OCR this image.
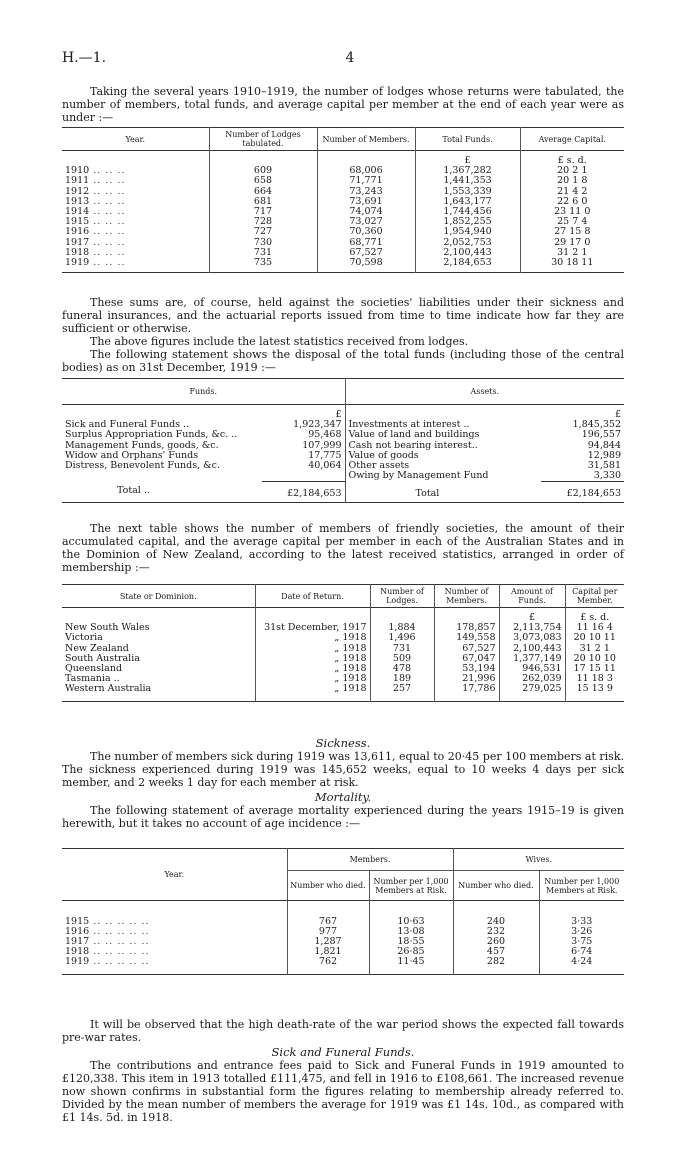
H.—1.	4

Taking the several years 1910–1919, the number of lodges whose returns were tabulated, the number of members, total funds, and average capital per member at the end of each year were as under :—

Year.	Number of Lodges tabulated.	Number of Members.	Total Funds.	Average Capital.
			£	£ s. d.
1910 .. .. ..	609	68,006	1,367,282	20 2 1
1911 .. .. ..	658	71,771	1,441,353	20 1 8
1912 .. .. ..	664	73,243	1,553,339	21 4 2
1913 .. .. ..	681	73,691	1,643,177	22 6 0
1914 .. .. ..	717	74,074	1,744,456	23 11 0
1915 .. .. ..	728	73,027	1,852,255	25 7 4
1916 .. .. ..	727	70,360	1,954,940	27 15 8
1917 .. .. ..	730	68,771	2,052,753	29 17 0
1918 .. .. ..	731	67,527	2,100,443	31 2 1
1919 .. .. ..	735	70,598	2,184,653	30 18 11

These sums are, of course, held against the societies' liabilities under their sickness and funeral insurances, and the actuarial reports issued from time to time indicate how far they are sufficient or otherwise.

The above figures include the latest statistics received from lodges.

The following statement shows the disposal of the total funds (including those of the central bodies) as on 31st December, 1919 :—

Funds.		Assets.	
	£		£
Sick and Funeral Funds ..	1,923,347	Investments at interest ..	1,845,352
Surplus Appropriation Funds, &c. ..	95,468	Value of land and buildings	196,557
Management Funds, goods, &c.	107,999	Cash not bearing interest..	94,844
Widow and Orphans' Funds	17,775	Value of goods	12,989
Distress, Benevolent Funds, &c.	40,064	Other assets	31,581
		Owing by Management Fund	3,330
Total ..	£2,184,653	Total	£2,184,653

The next table shows the number of members of friendly societies, the amount of their accumulated capital, and the average capital per member in each of the Australian States and in the Dominion of New Zealand, according to the latest received statistics, arranged in order of membership :—

State or Dominion.	Date of Return.	Number of Lodges.	Number of Members.	Amount of Funds.	Capital per Member.
				£	£ s. d.
New South Wales	31st December, 1917	1,884	178,857	2,113,754	11 16 4
Victoria	„ 1918	1,496	149,558	3,073,083	20 10 11
New Zealand	„ 1918	731	67,527	2,100,443	31 2 1
South Australia	„ 1918	509	67,047	1,377,149	20 10 10
Queensland	„ 1918	478	53,194	946,531	17 15 11
Tasmania ..	„ 1918	189	21,996	262,039	11 18 3
Western Australia	„ 1918	257	17,786	279,025	15 13 9

Sickness.

The number of members sick during 1919 was 13,611, equal to 20·45 per 100 members at risk. The sickness experienced during 1919 was 145,652 weeks, equal to 10 weeks 4 days per sick member, and 2 weeks 1 day for each member at risk.

Mortality.

The following statement of average mortality experienced during the years 1915–19 is given herewith, but it takes no account of age incidence :—

Year.	Members.		Wives.	
	Number who died.	Number per 1,000 Members at Risk.	Number who died.	Number per 1,000 Members at Risk.

1915 .. .. .. .. ..	767	10·63	240	3·33
1916 .. .. .. .. ..	977	13·08	232	3·26
1917 .. .. .. .. ..	1,287	18·55	260	3·75
1918 .. .. .. .. ..	1,821	26·85	457	6·74
1919 .. .. .. .. ..	762	11·45	282	4·24

It will be observed that the high death-rate of the war period shows the expected fall towards pre-war rates.

Sick and Funeral Funds.

The contributions and entrance fees paid to Sick and Funeral Funds in 1919 amounted to £120,338. This item in 1913 totalled £111,475, and fell in 1916 to £108,661. The increased revenue now shown confirms in substantial form the figures relating to membership already referred to. Divided by the mean number of members the average for 1919 was £1 14s. 10d., as compared with £1 14s. 5d. in 1918.
